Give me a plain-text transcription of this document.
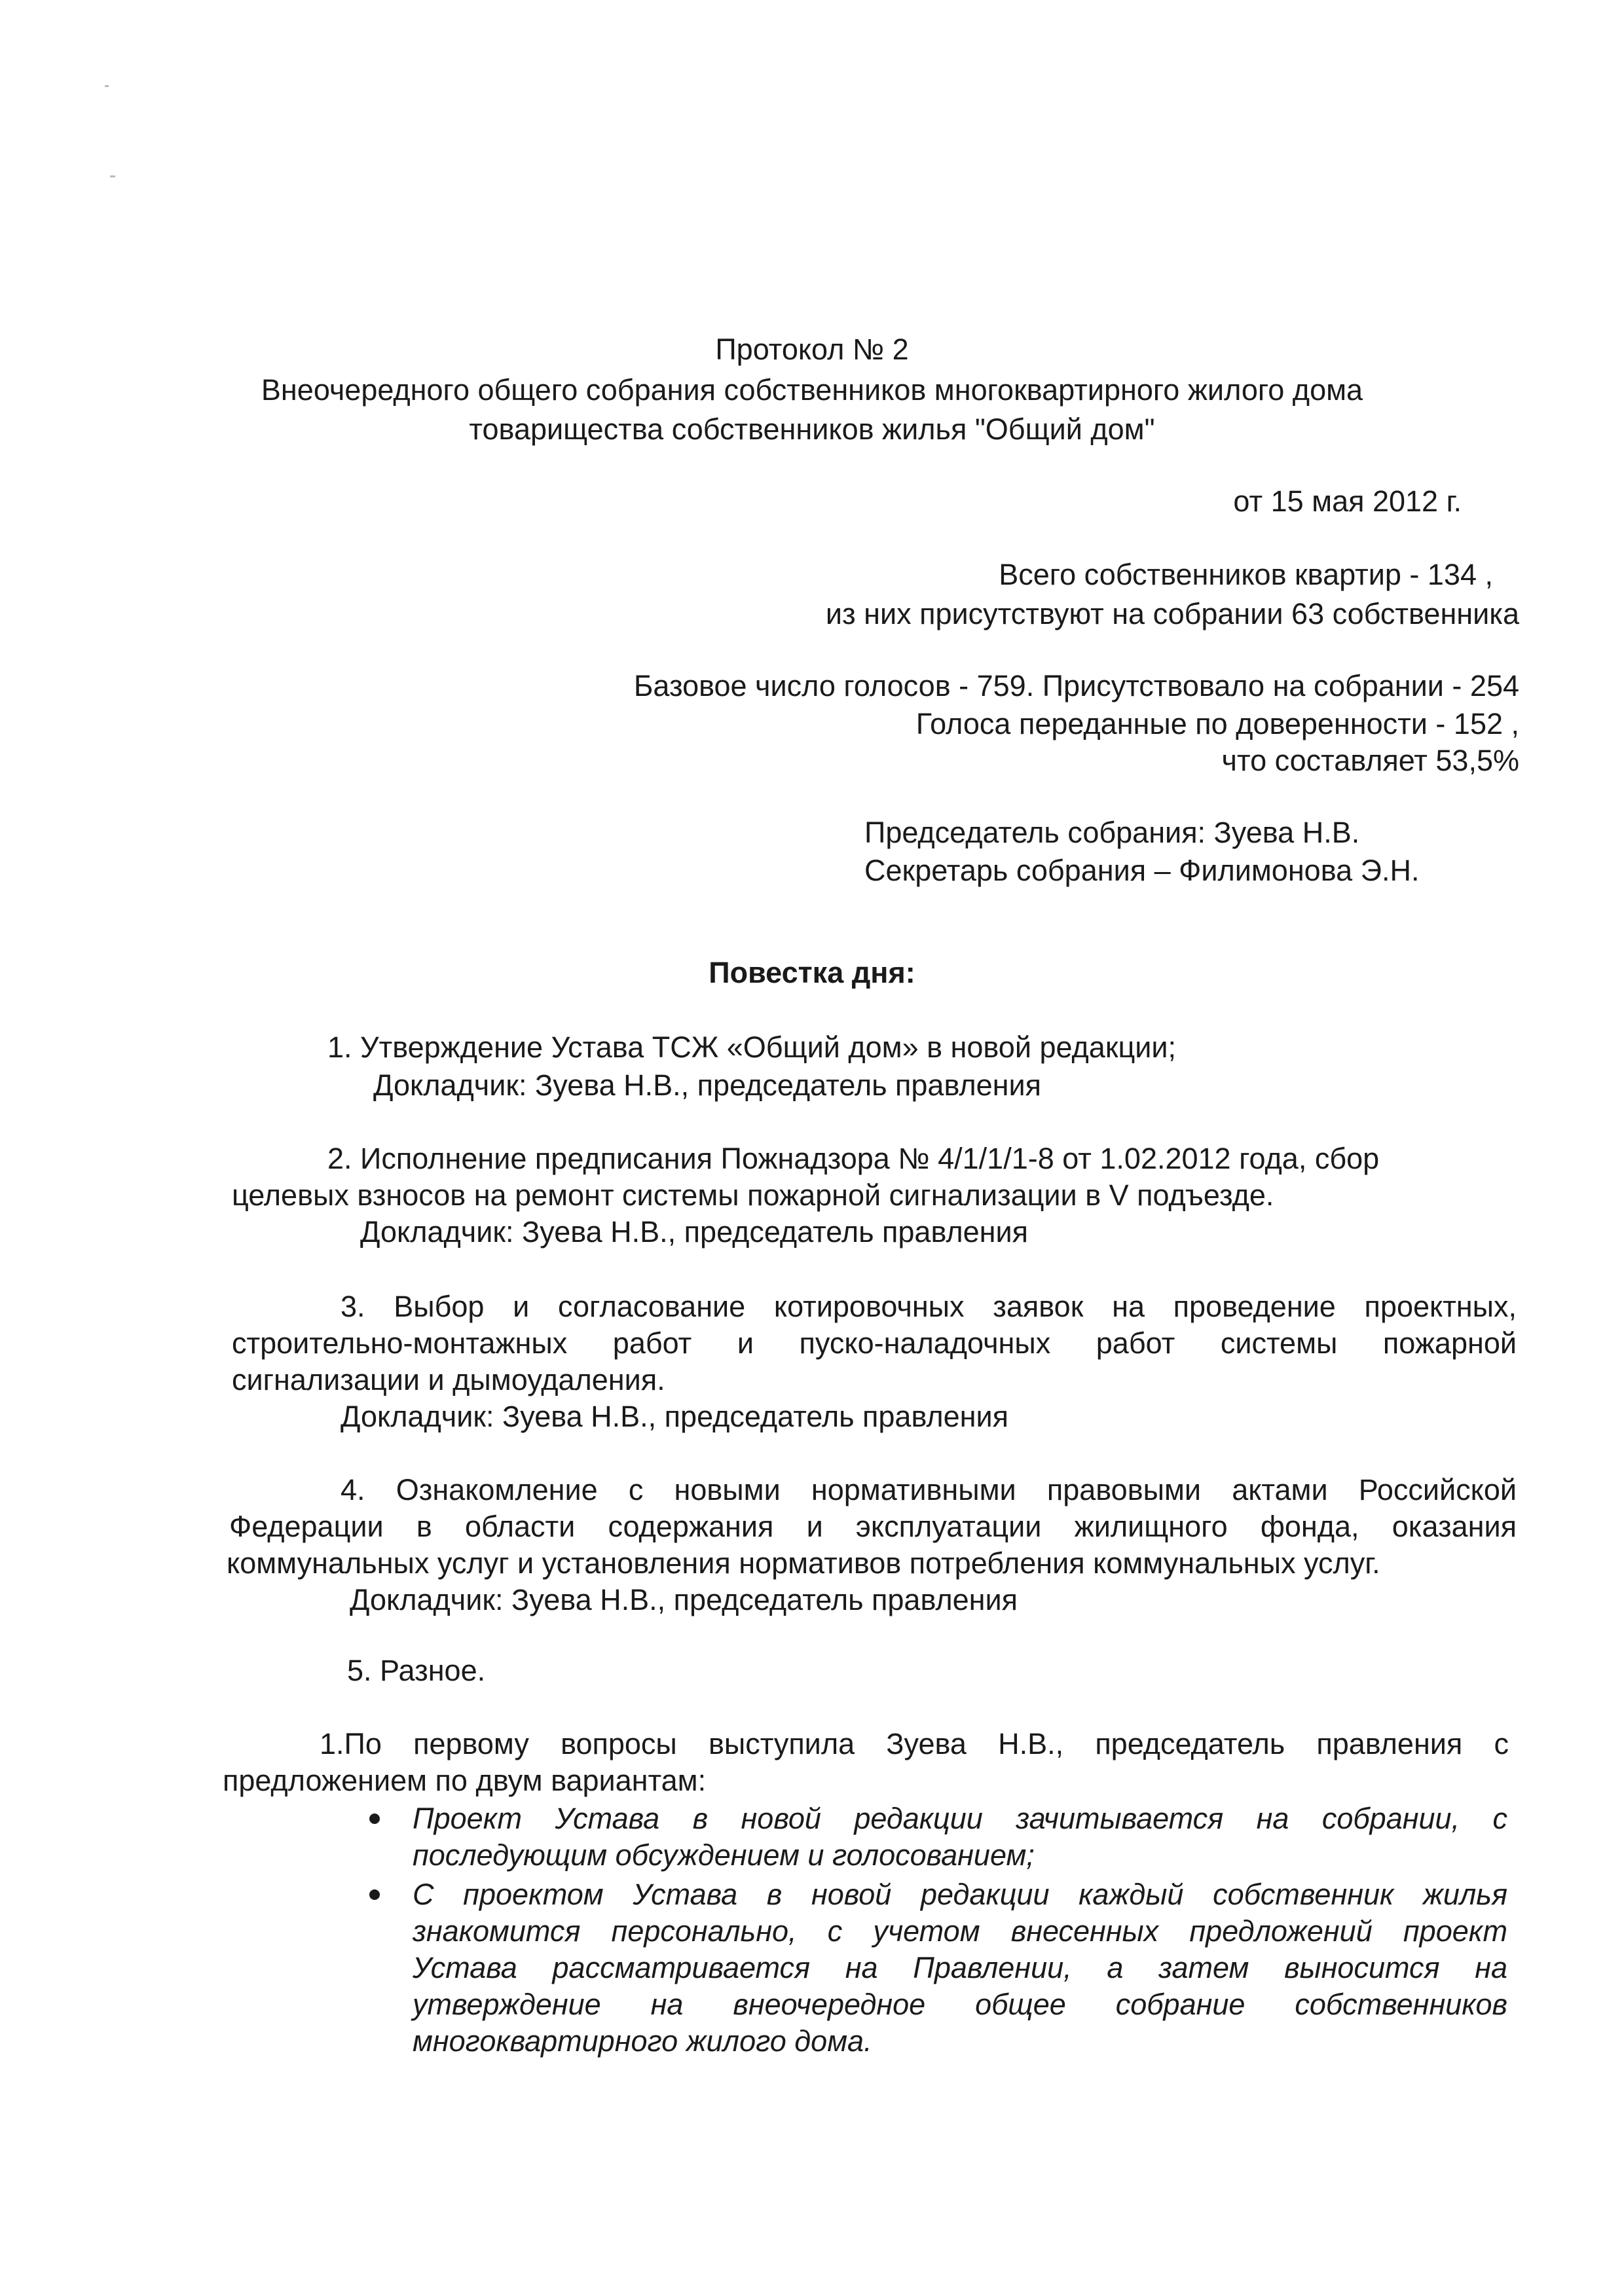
Протокол № 2
Внеочередного общего собрания собственников многоквартирного жилого дома
товарищества собственников жилья "Общий дом"
от 15 мая 2012 г.
Всего собственников квартир - 134 ,
из них присутствуют на собрании 63 собственника
Базовое число голосов - 759. Присутствовало на собрании - 254
Голоса переданные по доверенности - 152 ,
что составляет 53,5%
Председатель собрания: Зуева Н.В.
Секретарь собрания – Филимонова Э.Н.
Повестка дня:
1. Утверждение Устава ТСЖ «Общий дом» в новой редакции;
Докладчик: Зуева Н.В., председатель правления
2. Исполнение предписания Пожнадзора № 4/1/1/1-8 от 1.02.2012 года, сбор
целевых взносов на ремонт системы пожарной сигнализации в V подъезде.
Докладчик: Зуева Н.В., председатель правления
3. Выбор и согласование котировочных заявок на проведение проектных,
строительно-монтажных работ и пуско-наладочных работ системы пожарной
сигнализации и дымоудаления.
Докладчик: Зуева Н.В., председатель правления
4. Ознакомление с новыми нормативными правовыми актами Российской
Федерации в области содержания и эксплуатации жилищного фонда, оказания
коммунальных услуг и установления нормативов потребления коммунальных услуг.
Докладчик: Зуева Н.В., председатель правления
5. Разное.
1.По первому вопросы выступила Зуева Н.В., председатель правления с
предложением по двум вариантам:
Проект Устава в новой редакции зачитывается на собрании, с
последующим обсуждением и голосованием;
С проектом Устава в новой редакции каждый собственник жилья
знакомится персонально, с учетом внесенных предложений проект
Устава рассматривается на Правлении, а затем выносится на
утверждение на внеочередное общее собрание собственников
многоквартирного жилого дома.
